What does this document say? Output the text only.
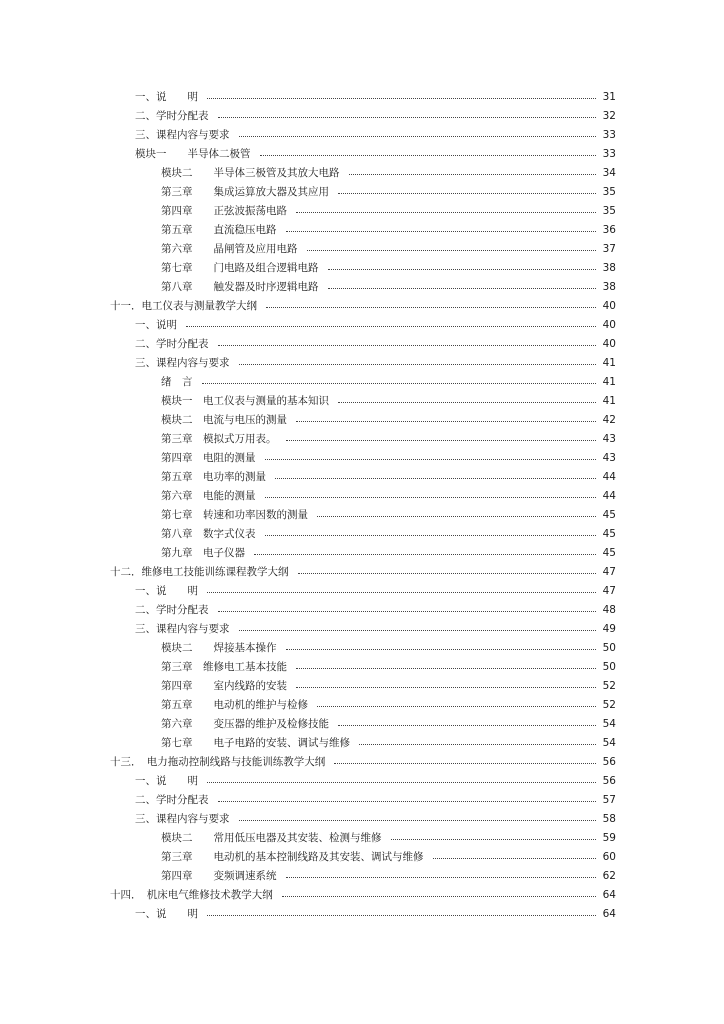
一、说　　明	31
二、学时分配表	32
三、课程内容与要求	33
模块一　　半导体二极管	33
模块二　　半导体三极管及其放大电路	34
第三章　　集成运算放大器及其应用	35
第四章　　正弦波振荡电路	35
第五章　　直流稳压电路	36
第六章　　晶闸管及应用电路	37
第七章　　门电路及组合逻辑电路	38
第八章　　触发器及时序逻辑电路	38
十一．电工仪表与测量教学大纲	40
一、说明	40
二、学时分配表	40
三、课程内容与要求	41
绪　言	41
模块一　电工仪表与测量的基本知识	41
模块二　电流与电压的测量	42
第三章　模拟式万用表。	43
第四章　电阻的测量	43
第五章　电功率的测量	44
第六章　电能的测量	44
第七章　转速和功率因数的测量	45
第八章　数字式仪表	45
第九章　电子仪器	45
十二．维修电工技能训练课程教学大纲	47
一、说　　明	47
二、学时分配表	48
三、课程内容与要求	49
模块二　　焊接基本操作	50
第三章　维修电工基本技能	50
第四章　　室内线路的安装	52
第五章　　电动机的维护与检修	52
第六章　　变压器的维护及检修技能	54
第七章　　电子电路的安装、调试与维修	54
十三．　电力拖动控制线路与技能训练教学大纲	56
一、说　　明	56
二、学时分配表	57
三、课程内容与要求	58
模块二　　常用低压电器及其安装、检测与维修	59
第三章　　电动机的基本控制线路及其安装、调试与维修	60
第四章　　变频调速系统	62
十四．　机床电气维修技术教学大纲	64
一、说　　明	64
